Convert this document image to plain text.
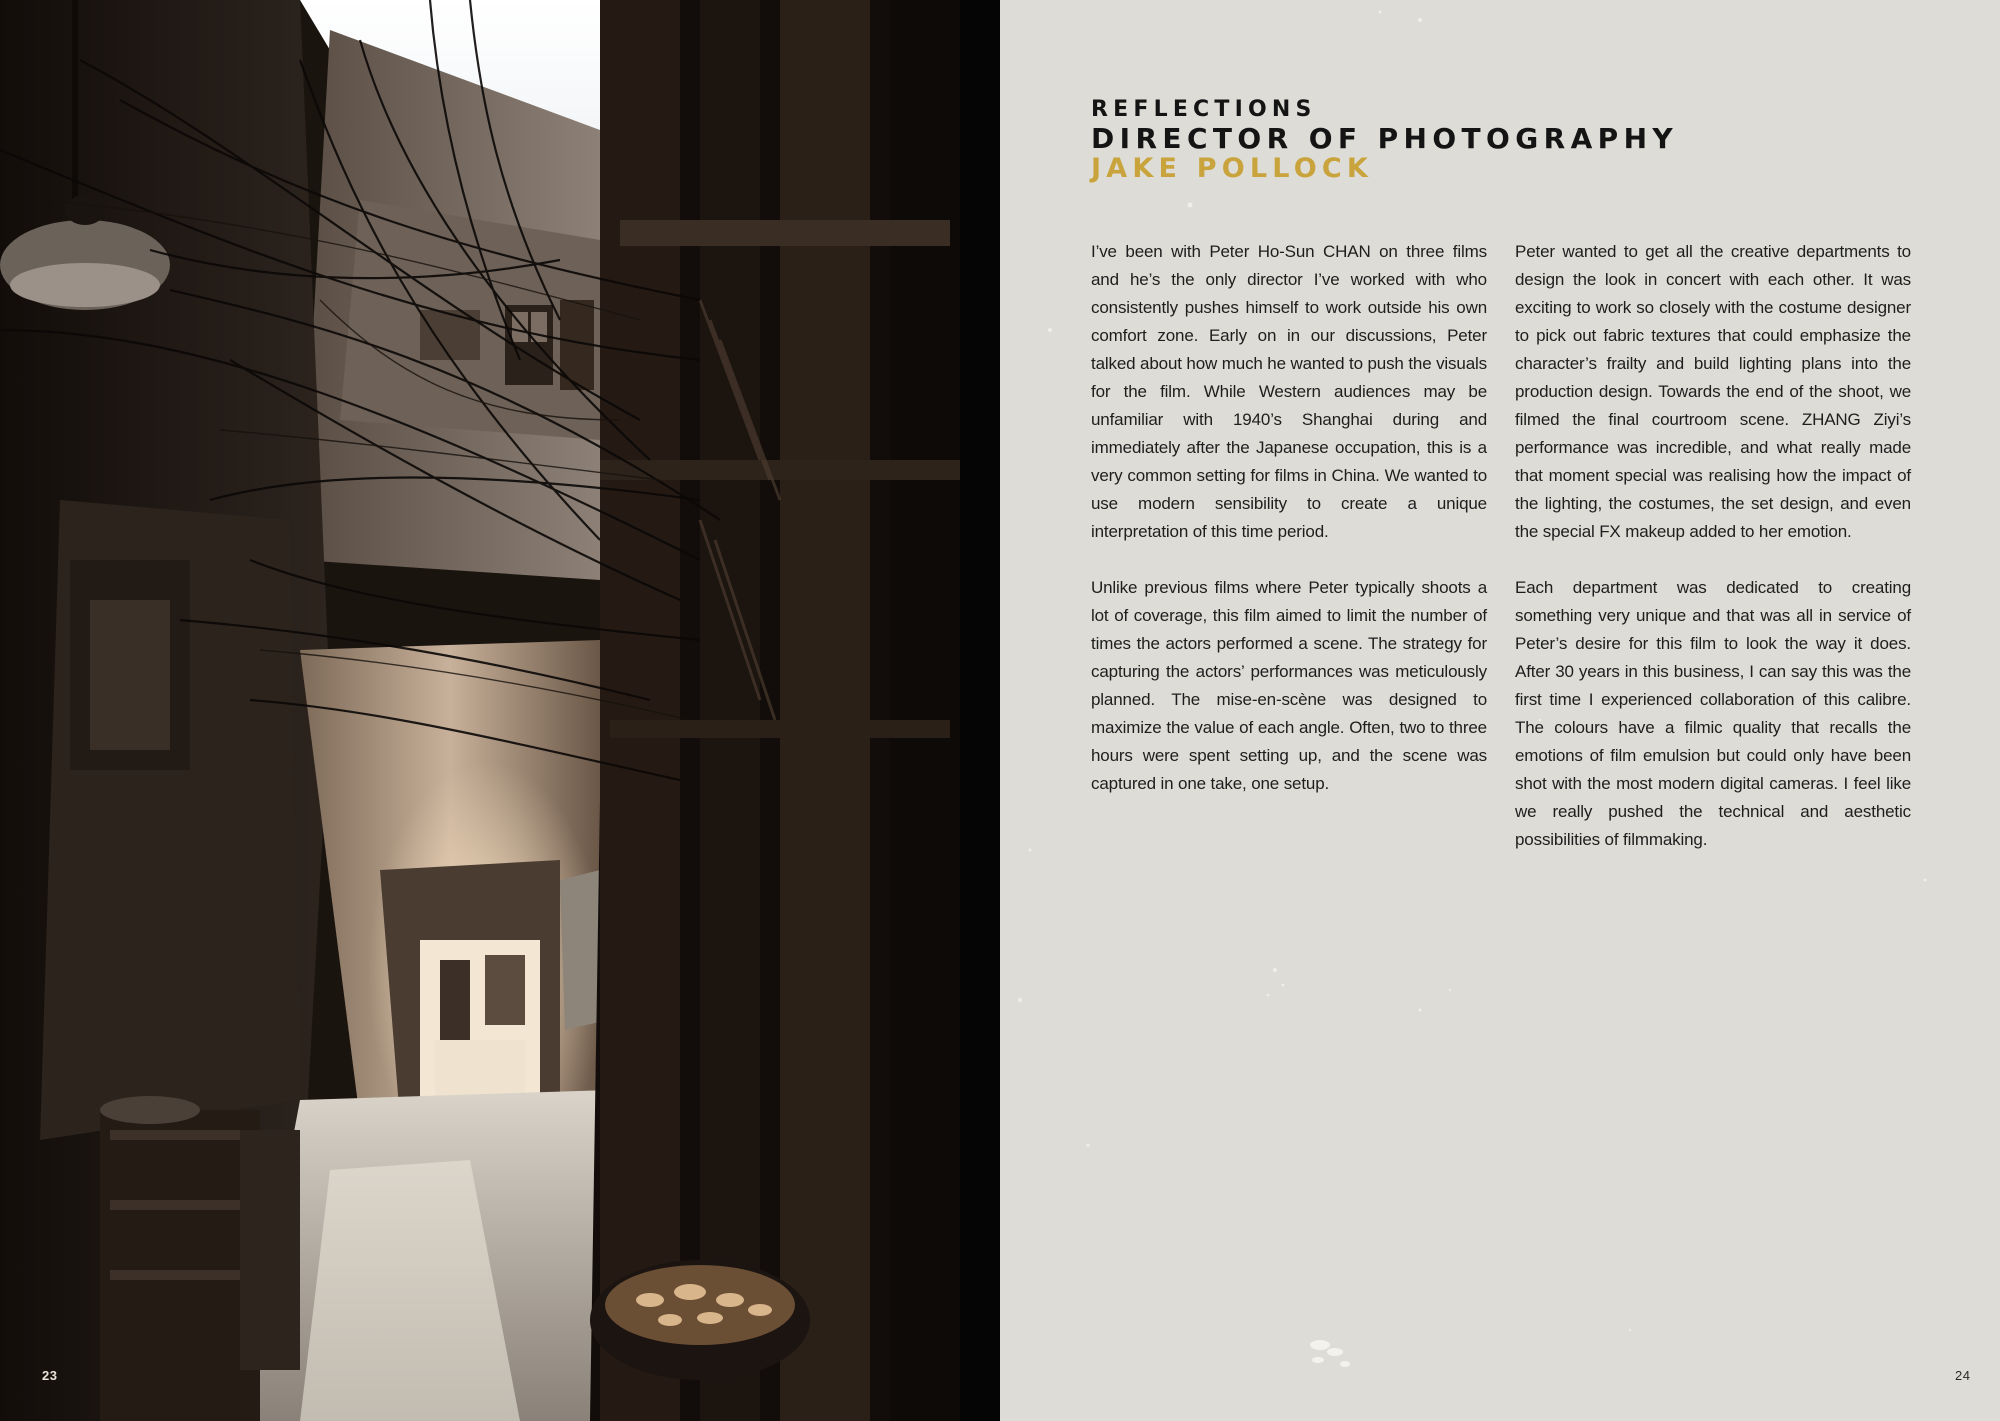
23

REFLECTIONS

DIRECTOR OF PHOTOGRAPHY

JAKE POLLOCK

I’ve been with Peter Ho-Sun CHAN on three films and he’s the only director I’ve worked with who consistently pushes himself to work outside his own comfort zone. Early on in our discussions, Peter talked about how much he wanted to push the visuals for the film. While Western audiences may be unfamiliar with 1940’s Shanghai during and immediately after the Japanese occupation, this is a very common setting for films in China. We wanted to use modern sensibility to create a unique interpretation of this time period.

Unlike previous films where Peter typically shoots a lot of coverage, this film aimed to limit the number of times the actors performed a scene. The strategy for capturing the actors’ performances was meticulously planned. The mise-en-scène was designed to maximize the value of each angle. Often, two to three hours were spent setting up, and the scene was captured in one take, one setup.

Peter wanted to get all the creative departments to design the look in concert with each other. It was exciting to work so closely with the costume designer to pick out fabric textures that could emphasize the character’s frailty and build lighting plans into the production design. Towards the end of the shoot, we filmed the final courtroom scene. ZHANG Ziyi’s performance was incredible, and what really made that moment special was realising how the impact of the lighting, the costumes, the set design, and even the special FX makeup added to her emotion.

Each department was dedicated to creating something very unique and that was all in service of Peter’s desire for this film to look the way it does. After 30 years in this business, I can say this was the first time I experienced collaboration of this calibre. The colours have a filmic quality that recalls the emotions of film emulsion but could only have been shot with the most modern digital cameras. I feel like we really pushed the technical and aesthetic possibilities of filmmaking.

24
